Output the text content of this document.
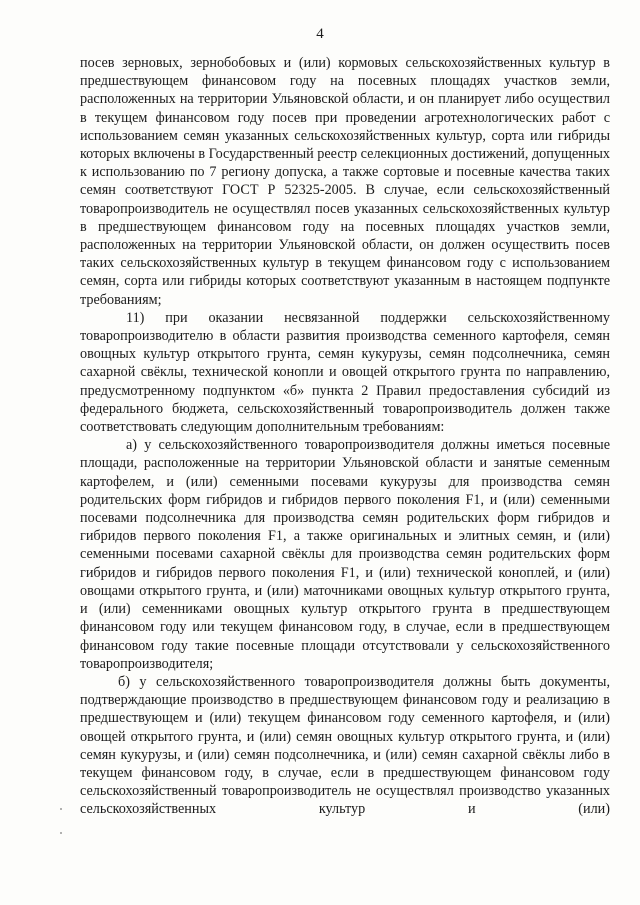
4

посев зерновых, зернобобовых и (или) кормовых сельскохозяйственных культур в предшествующем финансовом году на посевных площадях участков земли, расположенных на территории Ульяновской области, и он планирует либо осуществил в текущем финансовом году посев при проведении агротехнологических работ с использованием семян указанных сельскохозяйственных культур, сорта или гибриды которых включены в Государственный реестр селекционных достижений, допущенных к использованию по 7 региону допуска, а также сортовые и посевные качества таких семян соответствуют ГОСТ Р 52325-2005. В случае, если сельскохозяйственный товаропроизводитель не осуществлял посев указанных сельскохозяйственных культур в предшествующем финансовом году на посевных площадях участков земли, расположенных на территории Ульяновской области, он должен осуществить посев таких сельскохозяйственных культур в текущем финансовом году с использованием семян, сорта или гибриды которых соответствуют указанным в настоящем подпункте требованиям;

11) при оказании несвязанной поддержки сельскохозяйственному товаропроизводителю в области развития производства семенного картофеля, семян овощных культур открытого грунта, семян кукурузы, семян подсолнечника, семян сахарной свёклы, технической конопли и овощей открытого грунта по направлению, предусмотренному подпунктом «б» пункта 2 Правил предоставления субсидий из федерального бюджета, сельскохозяйственный товаропроизводитель должен также соответствовать следующим дополнительным требованиям:

а) у сельскохозяйственного товаропроизводителя должны иметься посевные площади, расположенные на территории Ульяновской области и занятые семенным картофелем, и (или) семенными посевами кукурузы для производства семян родительских форм гибридов и гибридов первого поколения F1, и (или) семенными посевами подсолнечника для производства семян родительских форм гибридов и гибридов первого поколения F1, а также оригинальных и элитных семян, и (или) семенными посевами сахарной свёклы для производства семян родительских форм гибридов и гибридов первого поколения F1, и (или) технической коноплей, и (или) овощами открытого грунта, и (или) маточниками овощных культур открытого грунта, и (или) семенниками овощных культур открытого грунта в предшествующем финансовом году или текущем финансовом году, в случае, если в предшествующем финансовом году такие посевные площади отсутствовали у сельскохозяйственного товаропроизводителя;

б) у сельскохозяйственного товаропроизводителя должны быть документы, подтверждающие производство в предшествующем финансовом году и реализацию в предшествующем и (или) текущем финансовом году семенного картофеля, и (или) овощей открытого грунта, и (или) семян овощных культур открытого грунта, и (или) семян кукурузы, и (или) семян подсолнечника, и (или) семян сахарной свёклы либо в текущем финансовом году, в случае, если в предшествующем финансовом году сельскохозяйственный товаропроизводитель не осуществлял производство указанных сельскохозяйственных культур и (или)
